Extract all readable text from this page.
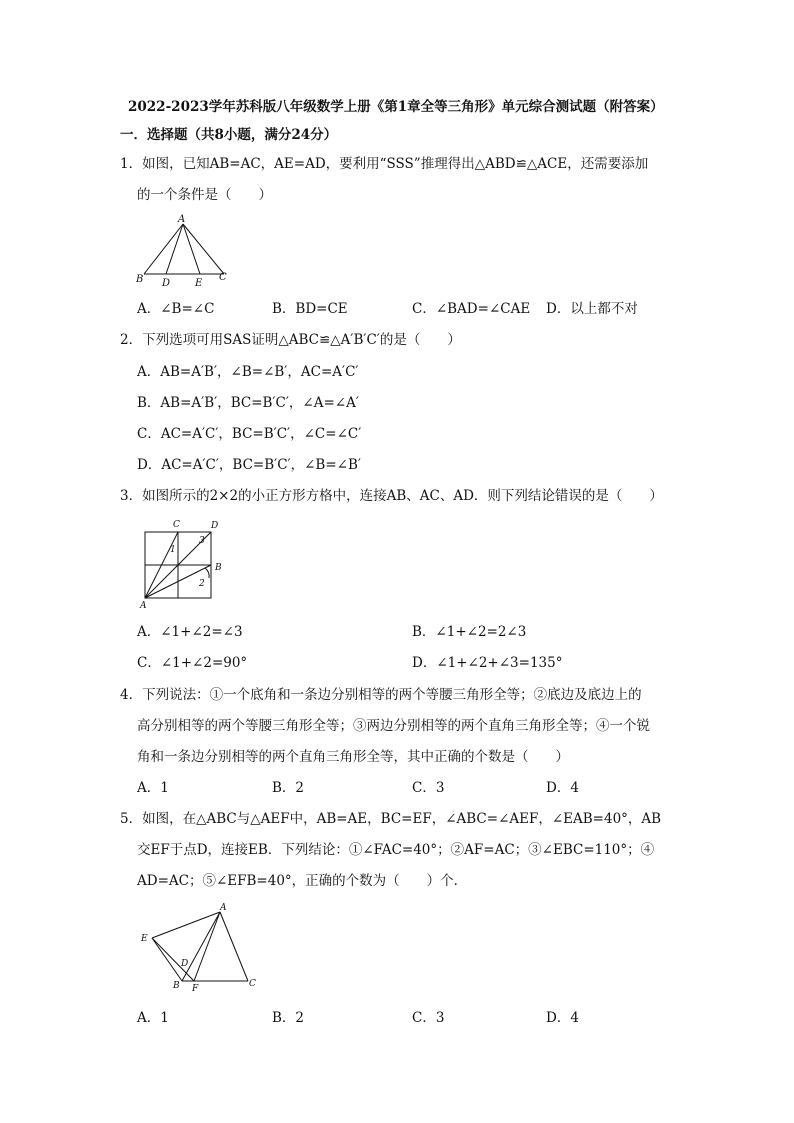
2022-2023学年苏科版八年级数学上册《第1章全等三角形》单元综合测试题（附答案）
一．选择题（共8小题，满分24分）
1．如图，已知AB=AC，AE=AD，要利用“SSS”推理得出△ABD≌△ACE，还需要添加
的一个条件是（　　）
A
B D E
C
A．∠B=∠C	B．BD=CE	C．∠BAD=∠CAE D．以上都不对
2．下列选项可用SAS证明△ABC≌△A′B′C′的是（　　）
A．AB=A′B′，∠B=∠B′，AC=A′C′
B．AB=A′B′，BC=B′C′，∠A=∠A′
C．AC=A′C′，BC=B′C′，∠C=∠C′
D．AC=A′C′，BC=B′C′，∠B=∠B′
3．如图所示的2×2的小正方形方格中，连接AB、AC、AD．则下列结论错误的是（　　）
C	D
1
3
B
2
A
A．∠1+∠2=∠3	B．∠1+∠2=2∠3
C．∠1+∠2=90°	D．∠1+∠2+∠3=135°
4．下列说法：①一个底角和一条边分别相等的两个等腰三角形全等；②底边及底边上的
高分别相等的两个等腰三角形全等；③两边分别相等的两个直角三角形全等；④一个锐
角和一条边分别相等的两个直角三角形全等，其中正确的个数是（　　）
A．1	B．2	C．3	D．4
5．如图，在△ABC与△AEF中，AB=AE，BC=EF，∠ABC=∠AEF，∠EAB=40°，AB
交EF于点D，连接EB．下列结论：①∠FAC=40°；②AF=AC；③∠EBC=110°；④
AD=AC；⑤∠EFB=40°，正确的个数为（　　）个．
A
E
D
B F	C
A．1	B．2	C．3	D．4
